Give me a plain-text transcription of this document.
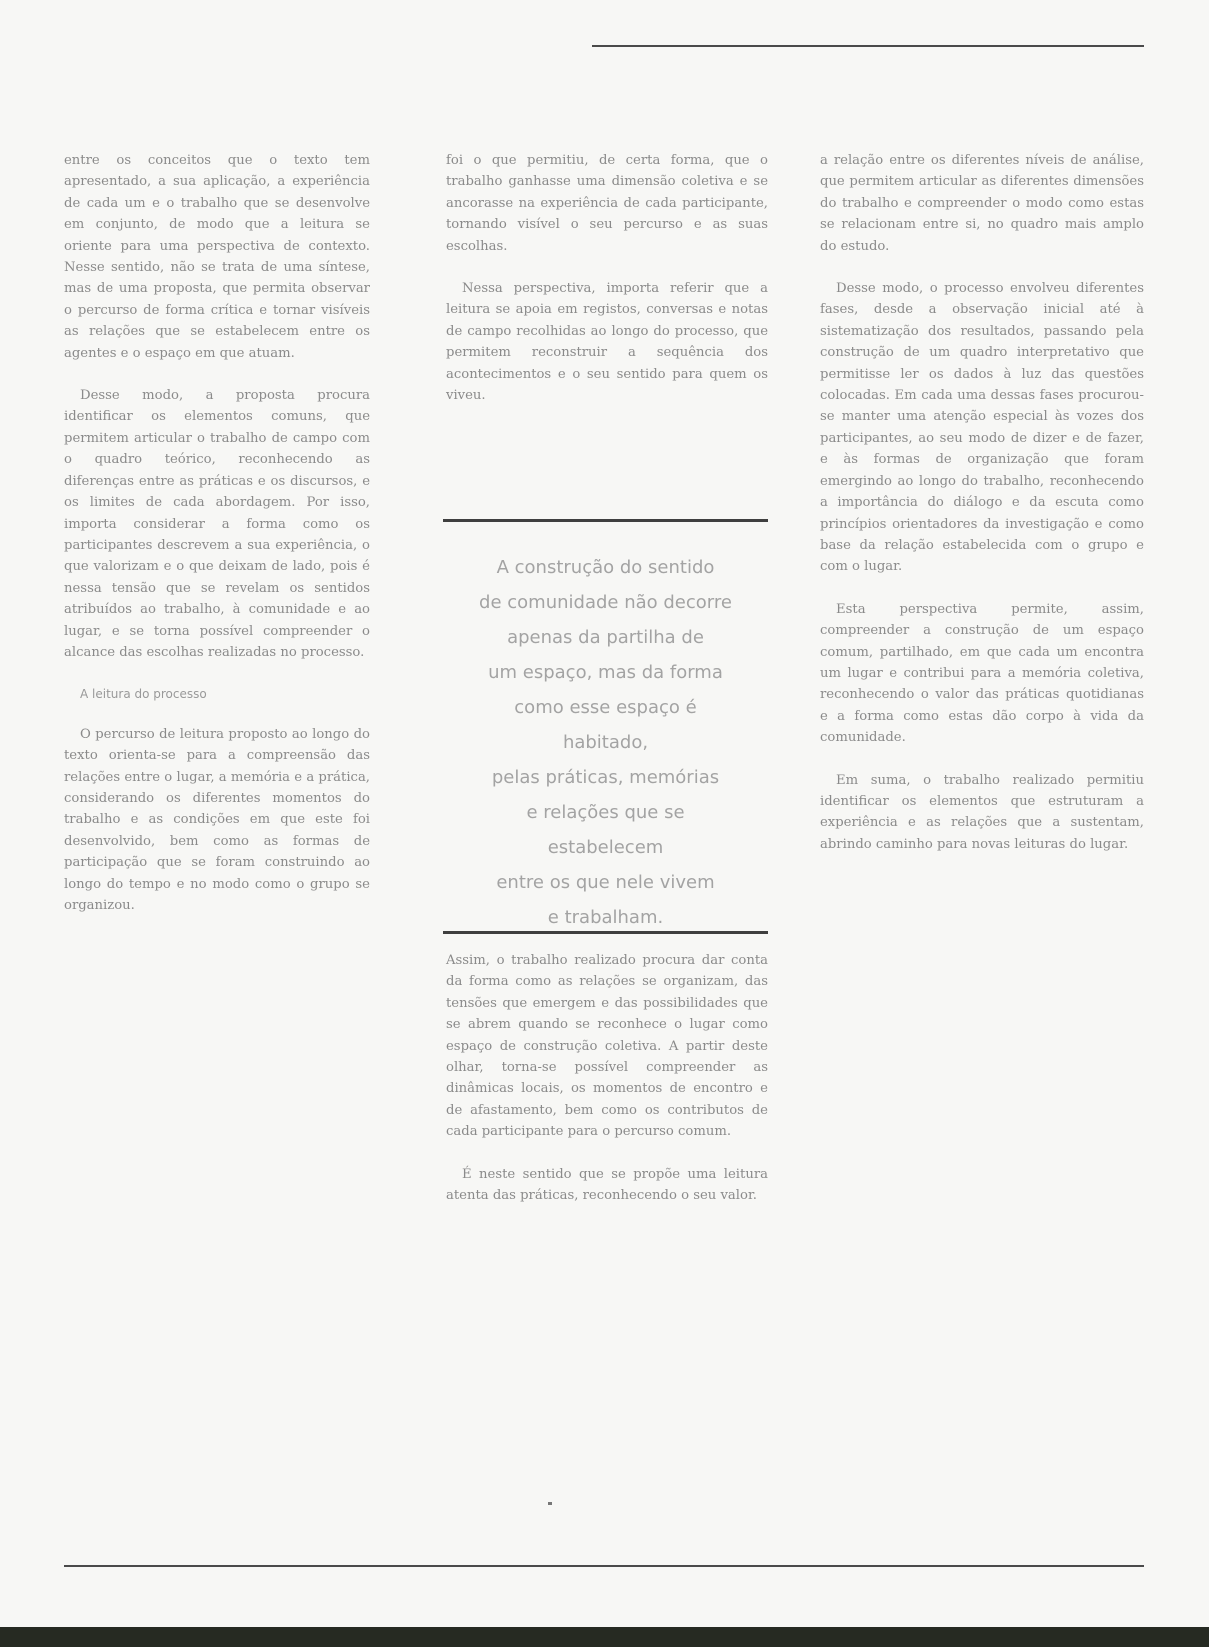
entre os conceitos que o texto tem apresentado, a sua aplicação, a experiência de cada um e o trabalho que se desenvolve em conjunto, de modo que a leitura se oriente para uma perspectiva de contexto. Nesse sentido, não se trata de uma síntese, mas de uma proposta, que permita observar o percurso de forma crítica e tornar visíveis as relações que se estabelecem entre os agentes e o espaço em que atuam.

Desse modo, a proposta procura identificar os elementos comuns, que permitem articular o trabalho de campo com o quadro teórico, reconhecendo as diferenças entre as práticas e os discursos, e os limites de cada abordagem. Por isso, importa considerar a forma como os participantes descrevem a sua experiência, o que valorizam e o que deixam de lado, pois é nessa tensão que se revelam os sentidos atribuídos ao trabalho, à comunidade e ao lugar, e se torna possível compreender o alcance das escolhas realizadas no processo.

A leitura do processo

O percurso de leitura proposto ao longo do texto orienta-se para a compreensão das relações entre o lugar, a memória e a prática, considerando os diferentes momentos do trabalho e as condições em que este foi desenvolvido, bem como as formas de participação que se foram construindo ao longo do tempo e no modo como o grupo se organizou.

foi o que permitiu, de certa forma, que o trabalho ganhasse uma dimensão coletiva e se ancorasse na experiência de cada participante, tornando visível o seu percurso e as suas escolhas.

Nessa perspectiva, importa referir que a leitura se apoia em registos, conversas e notas de campo recolhidas ao longo do processo, que permitem reconstruir a sequência dos acontecimentos e o seu sentido para quem os viveu.

A construção do sentido
de comunidade não decorre
apenas da partilha de
um espaço, mas da forma
como esse espaço é
habitado,
pelas práticas, memórias
e relações que se
estabelecem
entre os que nele vivem
e trabalham.

Assim, o trabalho realizado procura dar conta da forma como as relações se organizam, das tensões que emergem e das possibilidades que se abrem quando se reconhece o lugar como espaço de construção coletiva. A partir deste olhar, torna-se possível compreender as dinâmicas locais, os momentos de encontro e de afastamento, bem como os contributos de cada participante para o percurso comum.

É neste sentido que se propõe uma leitura atenta das práticas, reconhecendo o seu valor.

a relação entre os diferentes níveis de análise, que permitem articular as diferentes dimensões do trabalho e compreender o modo como estas se relacionam entre si, no quadro mais amplo do estudo.

Desse modo, o processo envolveu diferentes fases, desde a observação inicial até à sistematização dos resultados, passando pela construção de um quadro interpretativo que permitisse ler os dados à luz das questões colocadas. Em cada uma dessas fases procurou-se manter uma atenção especial às vozes dos participantes, ao seu modo de dizer e de fazer, e às formas de organização que foram emergindo ao longo do trabalho, reconhecendo a importância do diálogo e da escuta como princípios orientadores da investigação e como base da relação estabelecida com o grupo e com o lugar.

Esta perspectiva permite, assim, compreender a construção de um espaço comum, partilhado, em que cada um encontra um lugar e contribui para a memória coletiva, reconhecendo o valor das práticas quotidianas e a forma como estas dão corpo à vida da comunidade.

Em suma, o trabalho realizado permitiu identificar os elementos que estruturam a experiência e as relações que a sustentam, abrindo caminho para novas leituras do lugar.
